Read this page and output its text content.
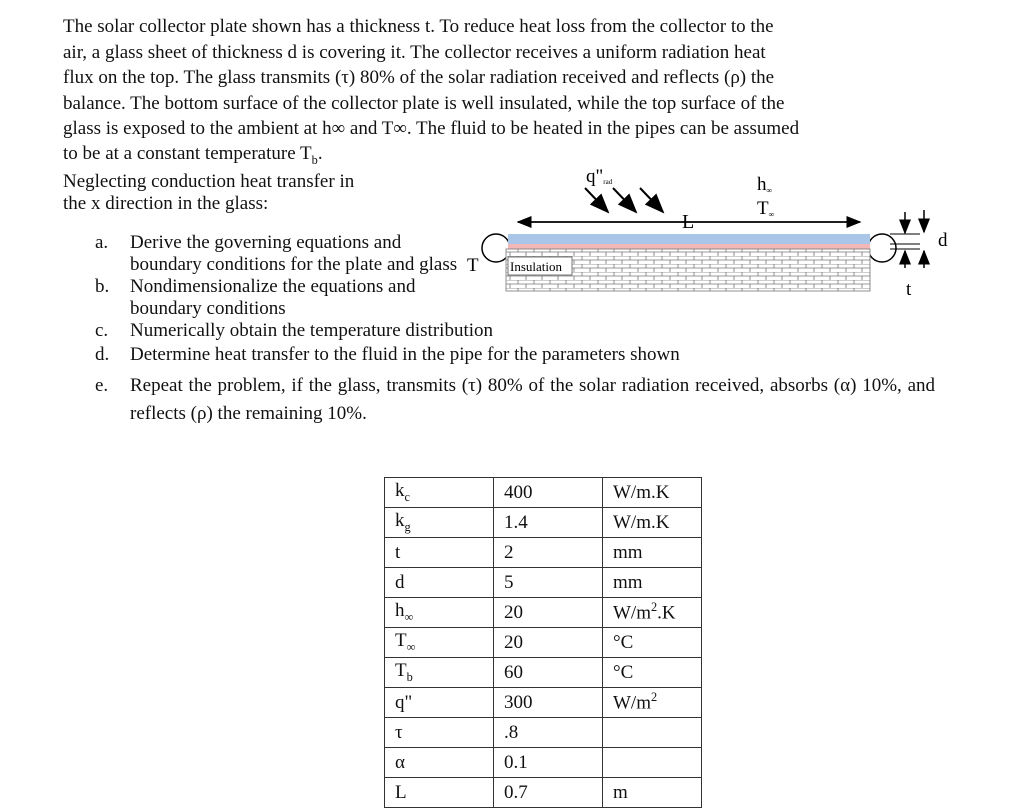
The solar collector plate shown has a thickness t. To reduce heat loss from the collector to the

air, a glass sheet of thickness d is covering it. The collector receives a uniform radiation heat

flux on the top. The glass transmits (τ) 80% of the solar radiation received and reflects (ρ) the

balance. The bottom surface of the collector plate is well insulated, while the top surface of the

glass is exposed to the ambient at h∞ and T∞. The fluid to be heated in the pipes can be assumed

to be at a constant temperature $T_b$.
Neglecting conduction heat transfer in
the x direction in the glass:
a. Derive the governing equations and boundary conditions for the plate and glass
b. Nondimensionalize the equations and boundary conditions
c. Numerically obtain the temperature distribution
d. Determine heat transfer to the fluid in the pipe for the parameters shown
e. Repeat the problem, if the glass, transmits (τ) 80% of the solar radiation received, absorbs (α) 10%, and reflects (ρ) the remaining 10%.
Insulation
L
q"rad	h∞
T∞
T
d
t
$k_c$	400	W/m.K
$k_g$	1.4	W/m.K
t	2	mm
d	5	mm
$h_\infty$	20	$W/m^2.K$
$T_\infty$	20	°C
$T_b$	60	°C
q"	300	$W/m^2$
τ	.8	
α	0.1	
L	0.7	m
